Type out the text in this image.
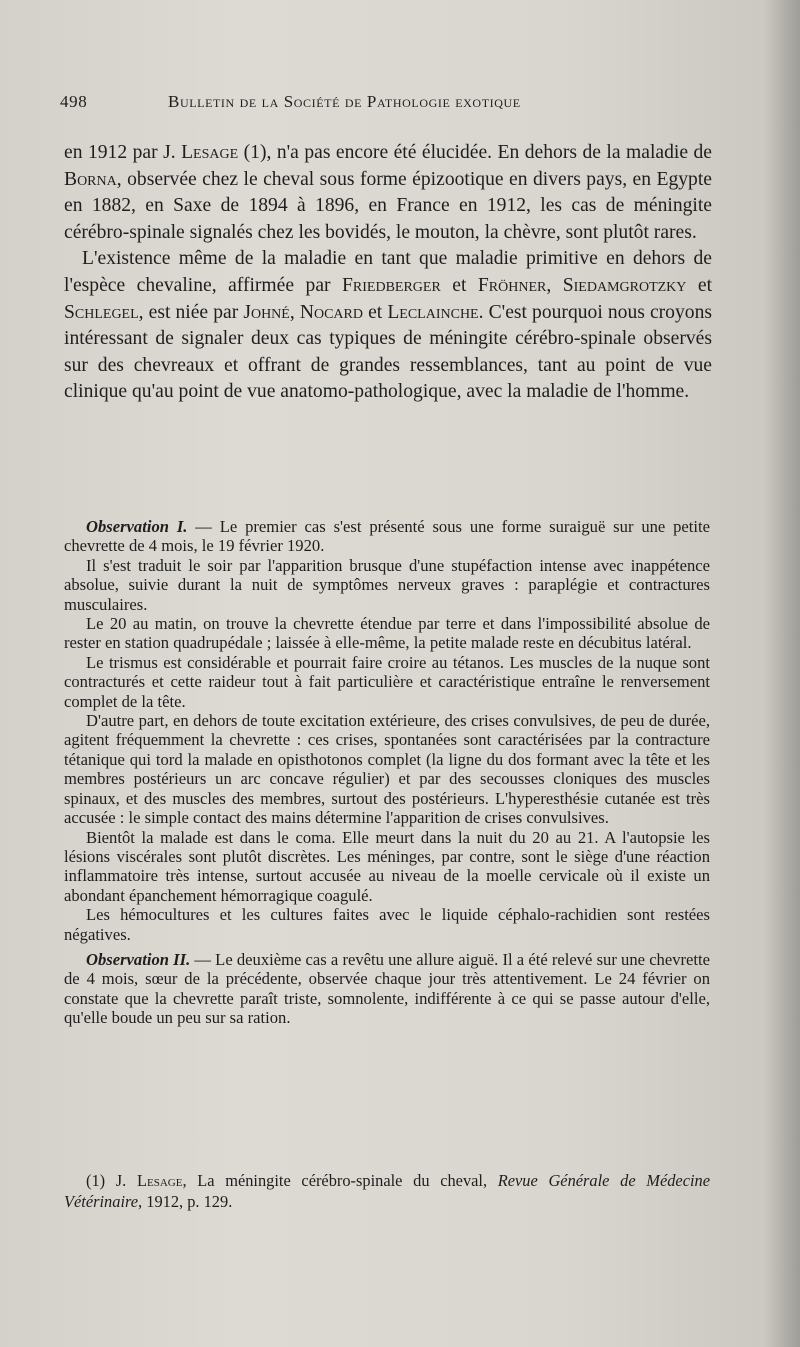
498	Bulletin de la Société de Pathologie exotique

en 1912 par J. Lesage (1), n'a pas encore été élucidée. En dehors de la maladie de Borna, observée chez le cheval sous forme épizootique en divers pays, en Egypte en 1882, en Saxe de 1894 à 1896, en France en 1912, les cas de méningite cérébro-spinale signalés chez les bovidés, le mouton, la chèvre, sont plutôt rares.

L'existence même de la maladie en tant que maladie primitive en dehors de l'espèce chevaline, affirmée par Friedberger et Fröhner, Siedamgrotzky et Schlegel, est niée par Johné, Nocard et Leclainche. C'est pourquoi nous croyons intéressant de signaler deux cas typiques de méningite cérébro-spinale observés sur des chevreaux et offrant de grandes ressemblances, tant au point de vue clinique qu'au point de vue anatomo-pathologique, avec la maladie de l'homme.

Observation I. — Le premier cas s'est présenté sous une forme suraiguë sur une petite chevrette de 4 mois, le 19 février 1920.

Il s'est traduit le soir par l'apparition brusque d'une stupéfaction intense avec inappétence absolue, suivie durant la nuit de symptômes nerveux graves : paraplégie et contractures musculaires.

Le 20 au matin, on trouve la chevrette étendue par terre et dans l'impossibilité absolue de rester en station quadrupédale ; laissée à elle-même, la petite malade reste en décubitus latéral.

Le trismus est considérable et pourrait faire croire au tétanos. Les muscles de la nuque sont contracturés et cette raideur tout à fait particulière et caractéristique entraîne le renversement complet de la tête.

D'autre part, en dehors de toute excitation extérieure, des crises convulsives, de peu de durée, agitent fréquemment la chevrette : ces crises, spontanées sont caractérisées par la contracture tétanique qui tord la malade en opisthotonos complet (la ligne du dos formant avec la tête et les membres postérieurs un arc concave régulier) et par des secousses cloniques des muscles spinaux, et des muscles des membres, surtout des postérieurs. L'hyperesthésie cutanée est très accusée : le simple contact des mains détermine l'apparition de crises convulsives.

Bientôt la malade est dans le coma. Elle meurt dans la nuit du 20 au 21. A l'autopsie les lésions viscérales sont plutôt discrètes. Les méninges, par contre, sont le siège d'une réaction inflammatoire très intense, surtout accusée au niveau de la moelle cervicale où il existe un abondant épanchement hémorragique coagulé.

Les hémocultures et les cultures faites avec le liquide céphalo-rachidien sont restées négatives.

Observation II. — Le deuxième cas a revêtu une allure aiguë. Il a été relevé sur une chevrette de 4 mois, sœur de la précédente, observée chaque jour très attentivement. Le 24 février on constate que la chevrette paraît triste, somnolente, indifférente à ce qui se passe autour d'elle, qu'elle boude un peu sur sa ration.

(1) J. Lesage, La méningite cérébro-spinale du cheval, Revue Générale de Médecine Vétérinaire, 1912, p. 129.
